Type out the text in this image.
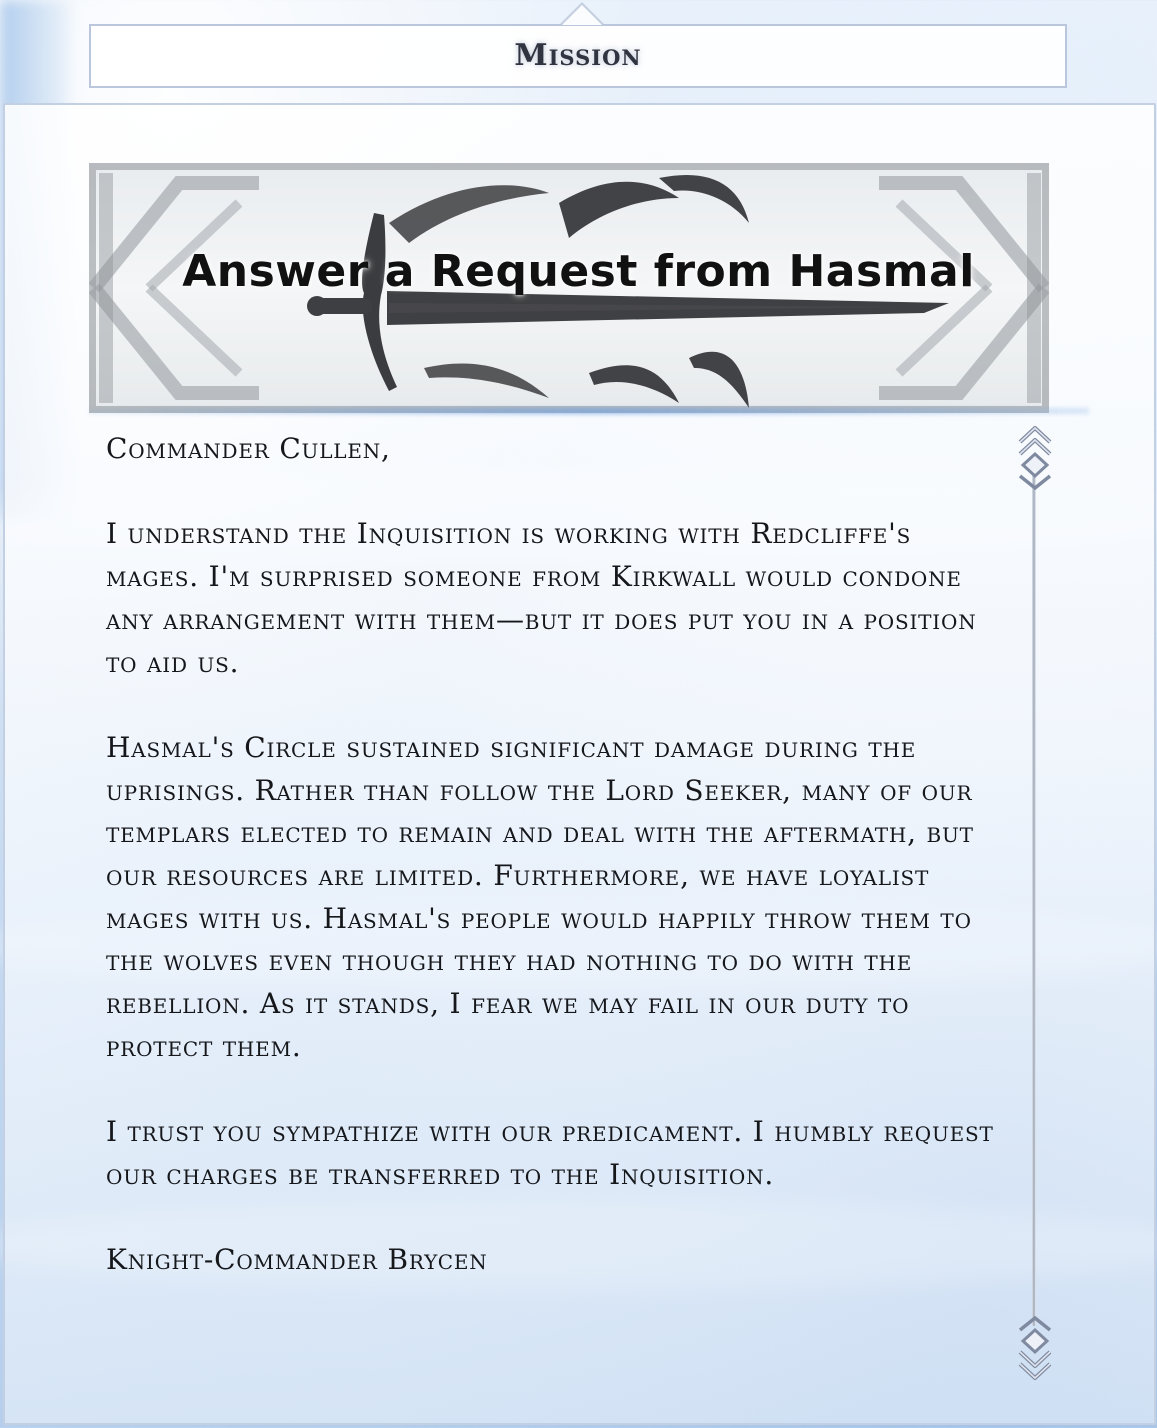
Mission
Answer a Request from Hasmal

Commander Cullen,

I understand the Inquisition is working with Redcliffe's mages. I'm surprised someone from Kirkwall would condone any arrangement with them—but it does put you in a position to aid us.

Hasmal's Circle sustained significant damage during the uprisings. Rather than follow the Lord Seeker, many of our templars elected to remain and deal with the aftermath, but our resources are limited. Furthermore, we have loyalist mages with us. Hasmal's people would happily throw them to the wolves even though they had nothing to do with the rebellion. As it stands, I fear we may fail in our duty to protect them.

I trust you sympathize with our predicament. I humbly request our charges be transferred to the Inquisition.

Knight-Commander Brycen
